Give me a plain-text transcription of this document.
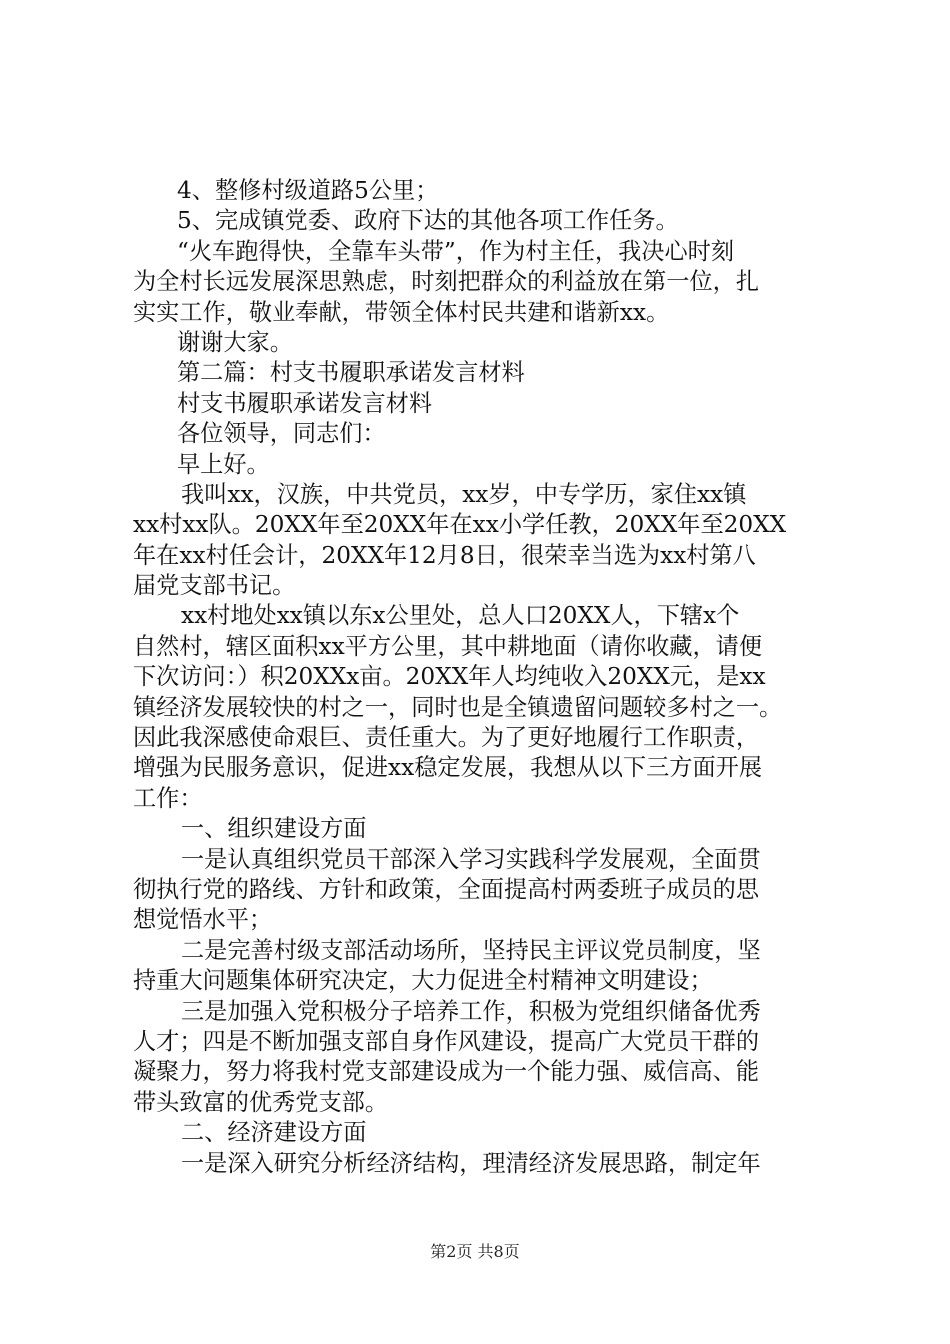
4、整修村级道路5公里；
5、完成镇党委、政府下达的其他各项工作任务。
“火车跑得快，全靠车头带”，作为村主任，我决心时刻
为全村长远发展深思熟虑，时刻把群众的利益放在第一位，扎
实实工作，敬业奉献，带领全体村民共建和谐新xx。
谢谢大家。
第二篇：村支书履职承诺发言材料
村支书履职承诺发言材料
各位领导，同志们：
早上好。
我叫xx，汉族，中共党员，xx岁，中专学历，家住xx镇
xx村xx队。20XX年至20XX年在xx小学任教，20XX年至20XX
年在xx村任会计，20XX年12月8日，很荣幸当选为xx村第八
届党支部书记。
xx村地处xx镇以东x公里处，总人口20XX人，下辖x个
自然村，辖区面积xx平方公里，其中耕地面（请你收藏，请便
下次访问：）积20XXx亩。20XX年人均纯收入20XX元，是xx
镇经济发展较快的村之一，同时也是全镇遗留问题较多村之一。
因此我深感使命艰巨、责任重大。为了更好地履行工作职责，
增强为民服务意识，促进xx稳定发展，我想从以下三方面开展
工作：
一、组织建设方面
一是认真组织党员干部深入学习实践科学发展观，全面贯
彻执行党的路线、方针和政策，全面提高村两委班子成员的思
想觉悟水平；
二是完善村级支部活动场所，坚持民主评议党员制度，坚
持重大问题集体研究决定，大力促进全村精神文明建设；
三是加强入党积极分子培养工作，积极为党组织储备优秀
人才；四是不断加强支部自身作风建设，提高广大党员干群的
凝聚力，努力将我村党支部建设成为一个能力强、威信高、能
带头致富的优秀党支部。
二、经济建设方面
一是深入研究分析经济结构，理清经济发展思路，制定年
第2页 共8页
